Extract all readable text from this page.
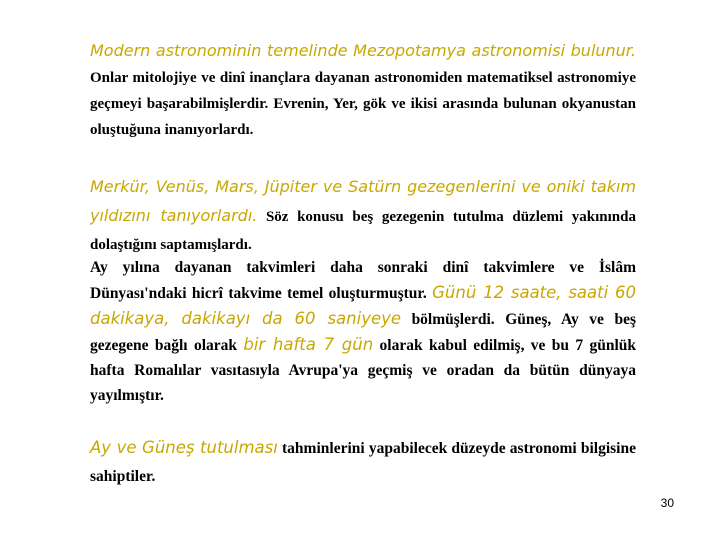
Modern astronominin temelinde Mezopotamya astronomisi bulunur. Onlar mitolojiye ve dinî inançlara dayanan astronomiden matematiksel astronomiye geçmeyi başarabilmişlerdir. Evrenin, Yer, gök ve ikisi arasında bulunan okyanustan oluştuğuna inanıyorlardı.

Merkür, Venüs, Mars, Jüpiter ve Satürn gezegenlerini ve oniki takım yıldızını tanıyorlardı. Söz konusu beş gezegenin tutulma düzlemi yakınında dolaştığını saptamışlardı.

Ay yılına dayanan takvimleri daha sonraki dinî takvimlere ve İslâm Dünyası'ndaki hicrî takvime temel oluşturmuştur. Günü 12 saate, saati 60 dakikaya, dakikayı da 60 saniyeye bölmüşlerdi. Güneş, Ay ve beş gezegene bağlı olarak bir hafta 7 gün olarak kabul edilmiş, ve bu 7 günlük hafta Romalılar vasıtasıyla Avrupa'ya geçmiş ve oradan da bütün dünyaya yayılmıştır.

Ay ve Güneş tutulması tahminlerini yapabilecek düzeyde astronomi bilgisine sahiptiler.

30
